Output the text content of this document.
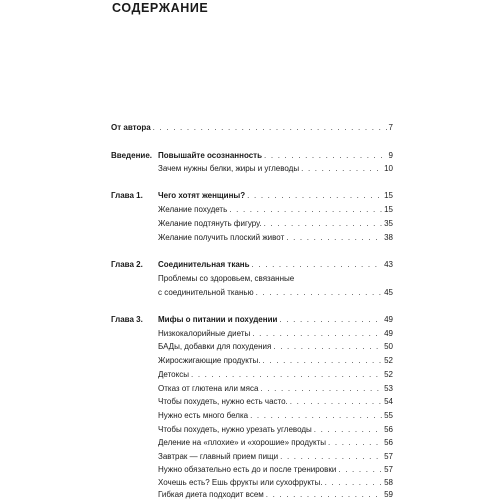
СОДЕРЖАНИЕ
От автора . . .	7
Введение. Повышайте осознанность . . .	9
Зачем нужны белки, жиры и углеводы . . .	10
Глава 1.	Чего хотят женщины? . . .	15
Желание похудеть . . .	15
Желание подтянуть фигуру. . . .	35
Желание получить плоский живот . . .	38
Глава 2.	Соединительная ткань . . .	43
Проблемы со здоровьем, связанные
с соединительной тканью . . .	45
Глава 3.	Мифы о питании и похудении . . .	49
Низкокалорийные диеты . . .	49
БАДы, добавки для похудения . . .	50
Жиросжигающие продукты. . . .	52
Детоксы . . .	52
Отказ от глютена или мяса . . .	53
Чтобы похудеть, нужно есть часто. . . .	54
Нужно есть много белка . . .	55
Чтобы похудеть, нужно урезать углеводы . . .	56
Деление на «плохие» и «хорошие» продукты . . .	56
Завтрак — главный прием пищи . . .	57
Нужно обязательно есть до и после тренировки . . .	57
Хочешь есть? Ешь фрукты или сухофрукты. . . .	58
Гибкая диета подходит всем . . .	59
